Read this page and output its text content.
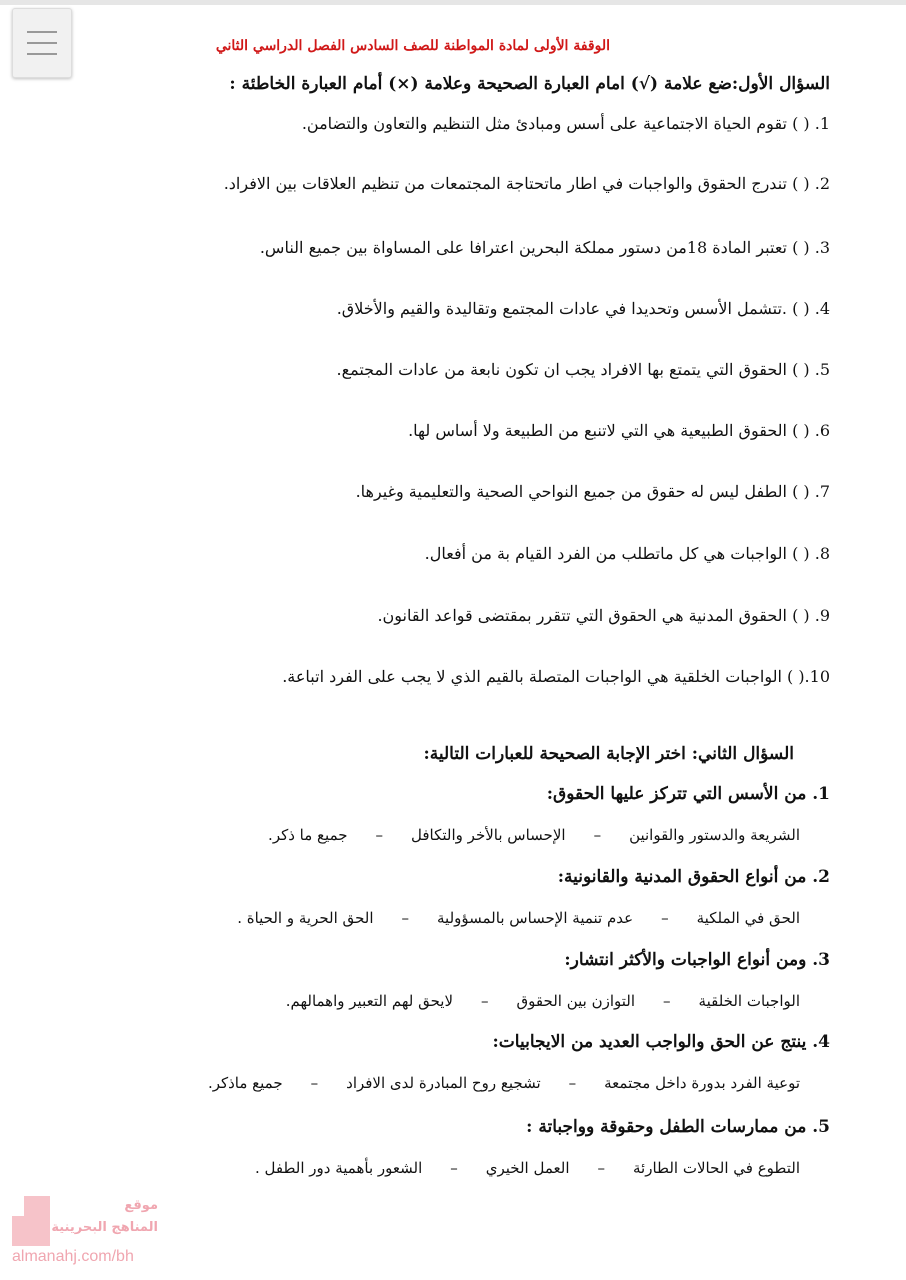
الوقفة الأولى لمادة المواطنة للصف السادس الفصل الدراسي الثاني
السؤال الأول:ضع علامة (√) امام العبارة الصحيحة وعلامة (×) أمام العبارة الخاطئة :
1. ( ) تقوم الحياة الاجتماعية على أسس ومبادئ مثل التنظيم والتعاون والتضامن.
2. ( ) تندرج الحقوق والواجبات في اطار ماتحتاجة المجتمعات من تنظيم العلاقات بين الافراد.
3. ( ) تعتبر المادة 18من دستور مملكة البحرين اعترافا على المساواة بين جميع الناس.
4. ( ) .تتشمل الأسس وتحديدا في عادات المجتمع وتقاليدة والقيم والأخلاق.
5. ( ) الحقوق التي يتمتع بها الافراد يجب ان تكون نابعة من عادات المجتمع.
6. ( ) الحقوق الطبيعية هي التي لاتنبع من الطبيعة ولا أساس لها.
7. ( ) الطفل ليس له حقوق من جميع النواحي الصحية والتعليمية وغيرها.
8. ( ) الواجبات هي كل ماتطلب من الفرد القيام بة من أفعال.
9. ( ) الحقوق المدنية هي الحقوق التي تتقرر بمقتضى قواعد القانون.
10.( ) الواجبات الخلقية هي الواجبات المتصلة بالقيم الذي لا يجب على الفرد اتباعة.
السؤال الثاني: اختر الإجابة الصحيحة للعبارات التالية:
1. من الأسس التي تتركز عليها الحقوق:
الشريعة والدستور والقوانين–الإحساس بالأخر والتكافل–جميع ما ذكر.
2. من أنواع الحقوق المدنية والقانونية:
الحق في الملكية–عدم تنمية الإحساس بالمسؤولية–الحق الحرية و الحياة .
3. ومن أنواع الواجبات والأكثر انتشار:
الواجبات الخلقية–التوازن بين الحقوق–لايحق لهم التعبير واهمالهم.
4. ينتج عن الحق والواجب العديد من الايجابيات:
توعية الفرد بدورة داخل مجتمعة–تشجيع روح المبادرة لدى الافراد–جميع ماذكر.
5. من ممارسات الطفل وحقوقة وواجباتة :
التطوع في الحالات الطارئة–العمل الخيري–الشعور بأهمية دور الطفل .
موقع
المناهج البحرينية
almanahj.com/bh
